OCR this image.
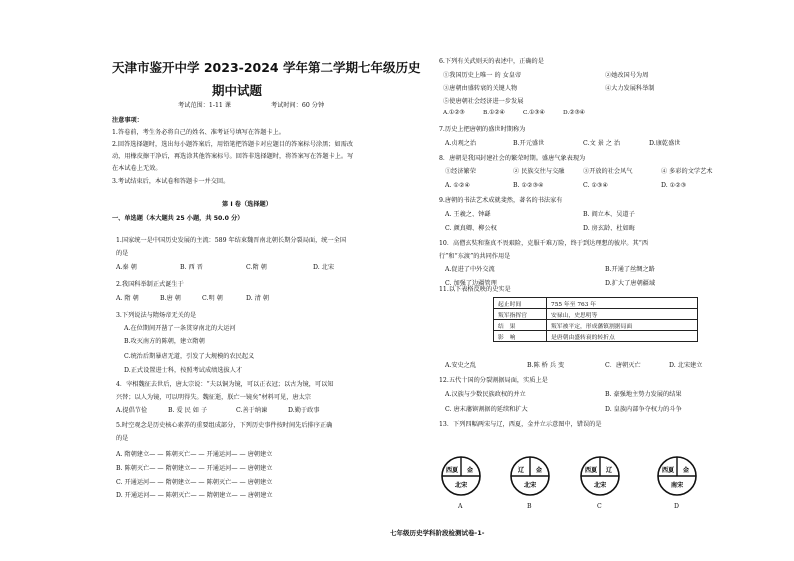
天津市鉴开中学 2023-2024 学年第二学期七年级历史
期中试题
考试范围：1-11 课	考试时间：60 分钟
注意事项：
1.答卷前，考生务必将自己的姓名、准考证号填写在答题卡上。
2.回答选择题时，选出每小题答案后，用铅笔把答题卡对应题目的答案标号涂黑；如需改
动，用橡皮擦干净后，再选涂其他答案标号。回答非选择题时，将答案写在答题卡上。写
在本试卷上无效。
3.考试结束后，本试卷和答题卡一并交回。
第 I 卷（选择题）
一、单选题（本大题共 25 小题，共 50.0 分）
1.国家统一是中国历史发展的主流：589 年结束魏晋南北朝长期分裂局面，统一全国
的是
A.秦 朝	B. 西 晋	C.隋 朝	D. 北宋
2.我国科举制正式诞生于
A. 隋 朝	B.唐 朝	C.明 朝	D. 清 朝
3.下列说法与隋炀帝无关的是
A.在位期间开凿了一条贯穿南北的大运河
B.攻灭南方的陈朝，建立隋朝
C.统治后期暴虐无道，引发了大规模的农民起义
D.正式设置进士科，按照考试成绩选拔人才
4．宰相魏征去世后，唐太宗说：“夫以铜为镜，可以正衣冠；以古为镜，可以知
兴替；以人为镜，可以明得失。魏征逝，朕亡一镜矣”材料可见，唐太宗
A.提倡节俭	B. 爱 民 如 子	C.善于纳谏	D.勤于政事
5.时空观念是历史核心素养的重要组成部分，下列历史事件按时间先后排序正确
的是
A. 隋朝建立— — 陈朝灭亡— — 开通运河— — 唐朝建立
B. 陈朝灭亡— — 隋朝建立— — 开通运河— — 唐朝建立
C. 开通运河— — 隋朝建立— — 陈朝灭亡— — 唐朝建立
D. 开通运河— — 陈朝灭亡— — 隋朝建立— — 唐朝建立
6.下列有关武则天的表述中，正确的是
①我国历史上唯一 的 女皇帝	②她改国号为周
③唐朝由盛转衰的关键人物	④大力发展科举制
⑤使唐朝社会经济进一步发展
A.①②③	B.①②④	C.①③④	D.②③④
7.历史上把唐朝的盛世时期称为
A.贞观之治	B.开元盛世	C.文 景 之 治	D.康乾盛世
8．唐朝是我国封建社会的繁荣时期。盛唐气象表现为
①经济繁荣	② 民族交往与交融	③开放的社会风气	④ 多彩的文学艺术
A. ①②④	B. ①②③④	C. ①③④	D. ①②③
9.唐朝的书法艺术成就斐然，著名的书法家有
A. 王羲之、钟繇	B. 阎立本、吴道子
C. 颜真卿、柳公权	D. 房玄龄、杜如晦
10．高僧玄奘和鉴真不畏艰险，克服千难万险，终于到达理想的彼岸。其“西
行”和“东渡”的共同作用是
A.促进了中外交流	B.开通了丝绸之路
C. 加强了边疆管理	D.扩大了唐朝疆域
11.以下表格反映的史实是
起止时间	755 年至 763 年
叛军指挥官	安禄山，史思明等
结　果	叛军被平定，形成藩镇割据局面
影　响	是唐朝由盛转衰的转折点
A.安史之乱	B.陈 桥 兵 变	C．唐朝灭亡	D. 北宋建立
12.五代十国的分裂割据局面，实质上是
A.汉族与少数民族政权的并立	B. 豪强地主势力发展的结果
C. 唐末藩镇割据的延续和扩大	D. 皇族内部争夺权力的斗争
13．下列四幅两宋与辽，西夏，金并立示意图中，错误的是
西夏 金
北宋
辽 金
北宋
西夏 辽
北宋
西夏 金
南宋
A	B	C	D
七年级历史学科阶段检测试卷-1-
